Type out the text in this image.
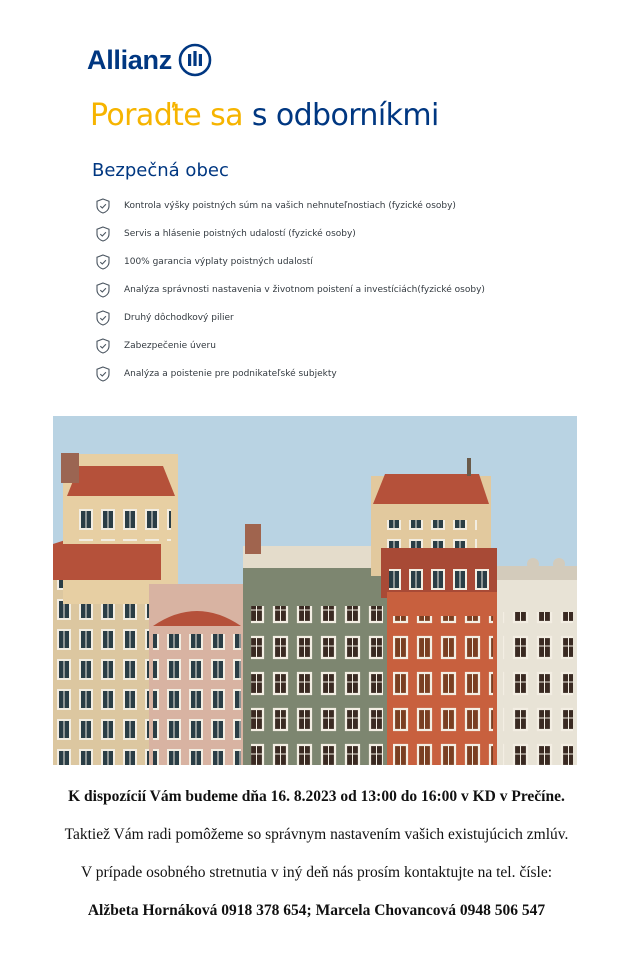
Allianz
Poraďte sa s odborníkmi
Bezpečná obec
Kontrola výšky poistných súm na vašich nehnuteľnostiach (fyzické osoby)
Servis a hlásenie poistných udalostí (fyzické osoby)
100% garancia výplaty poistných udalostí
Analýza správnosti nastavenia v životnom poistení a investíciách(fyzické osoby)
Druhý dôchodkový pilier
Zabezpečenie úveru
Analýza a poistenie pre podnikateľské subjekty

K dispozícií Vám budeme dňa 16. 8.2023 od 13:00 do 16:00 v KD v Prečíne.

Taktiež Vám radi pomôžeme so správnym nastavením vašich existujúcich zmlúv.

V prípade osobného stretnutia v iný deň nás prosím kontaktujte na tel. čísle:

Alžbeta Hornáková 0918 378 654; Marcela Chovancová 0948 506 547
